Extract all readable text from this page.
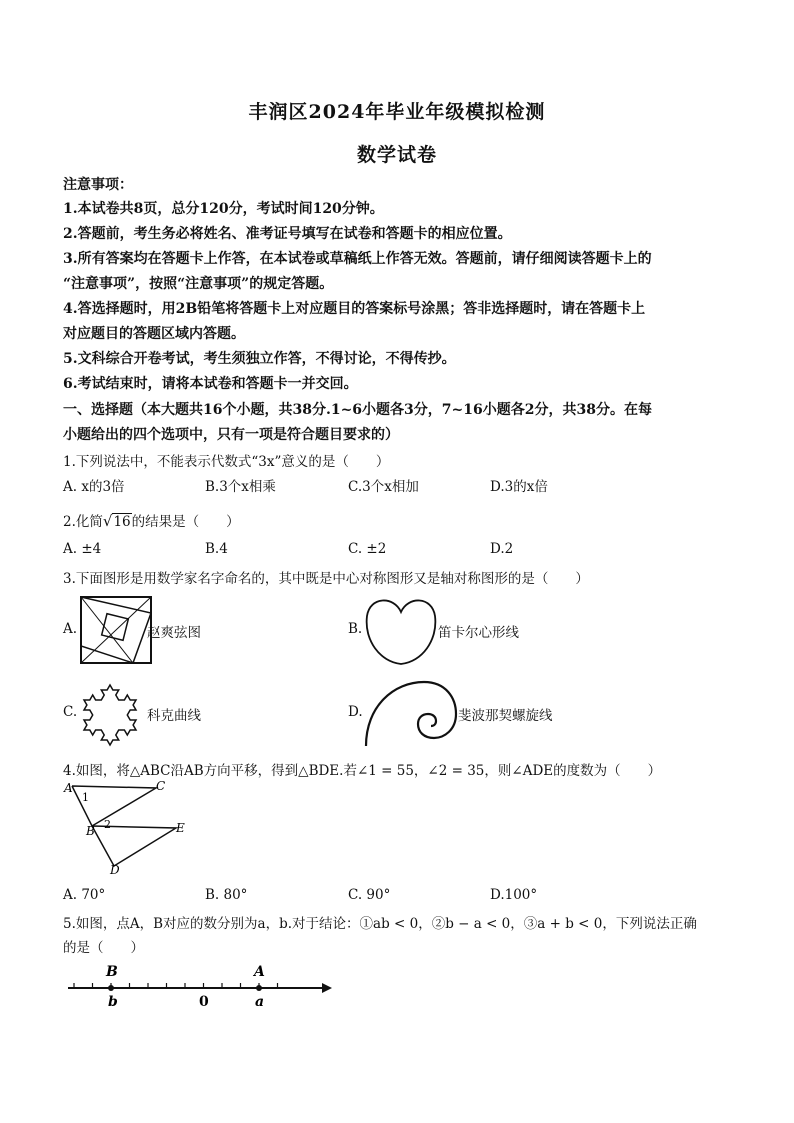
丰润区2024年毕业年级模拟检测
数学试卷
注意事项：
1.本试卷共8页，总分120分，考试时间120分钟。
2.答题前，考生务必将姓名、准考证号填写在试卷和答题卡的相应位置。
3.所有答案均在答题卡上作答，在本试卷或草稿纸上作答无效。答题前，请仔细阅读答题卡上的
“注意事项”，按照“注意事项”的规定答题。
4.答选择题时，用2B铅笔将答题卡上对应题目的答案标号涂黑；答非选择题时，请在答题卡上
对应题目的答题区域内答题。
5.文科综合开卷考试，考生须独立作答，不得讨论，不得传抄。
6.考试结束时，请将本试卷和答题卡一并交回。
一、选择题（本大题共16个小题，共38分.1~6小题各3分，7~16小题各2分，共38分。在每
小题给出的四个选项中，只有一项是符合题目要求的）
1.下列说法中，不能表示代数式“3x”意义的是（　　）
A. x的3倍	B.3个x相乘	C.3个x相加	D.3的x倍
2.化简√16的结果是（　　）
A. ±4	B.4	C. ±2	D.2
3.下面图形是用数学家名字命名的，其中既是中心对称图形又是轴对称图形的是（　　）
A.	赵爽弦图	B.	笛卡尔心形线
C.	科克曲线	D.	斐波那契螺旋线
4.如图，将△ABC沿AB方向平移，得到△BDE.若∠1 = 55，∠2 = 35，则∠ADE的度数为（　　）
A
1
C
B 2	E
D
A. 70°	B. 80°	C. 90°	D.100°
5.如图，点A，B对应的数分别为a，b.对于结论：①ab < 0，②b − a < 0，③a + b < 0，下列说法正确
的是（　　）
B	A
b	0	a
